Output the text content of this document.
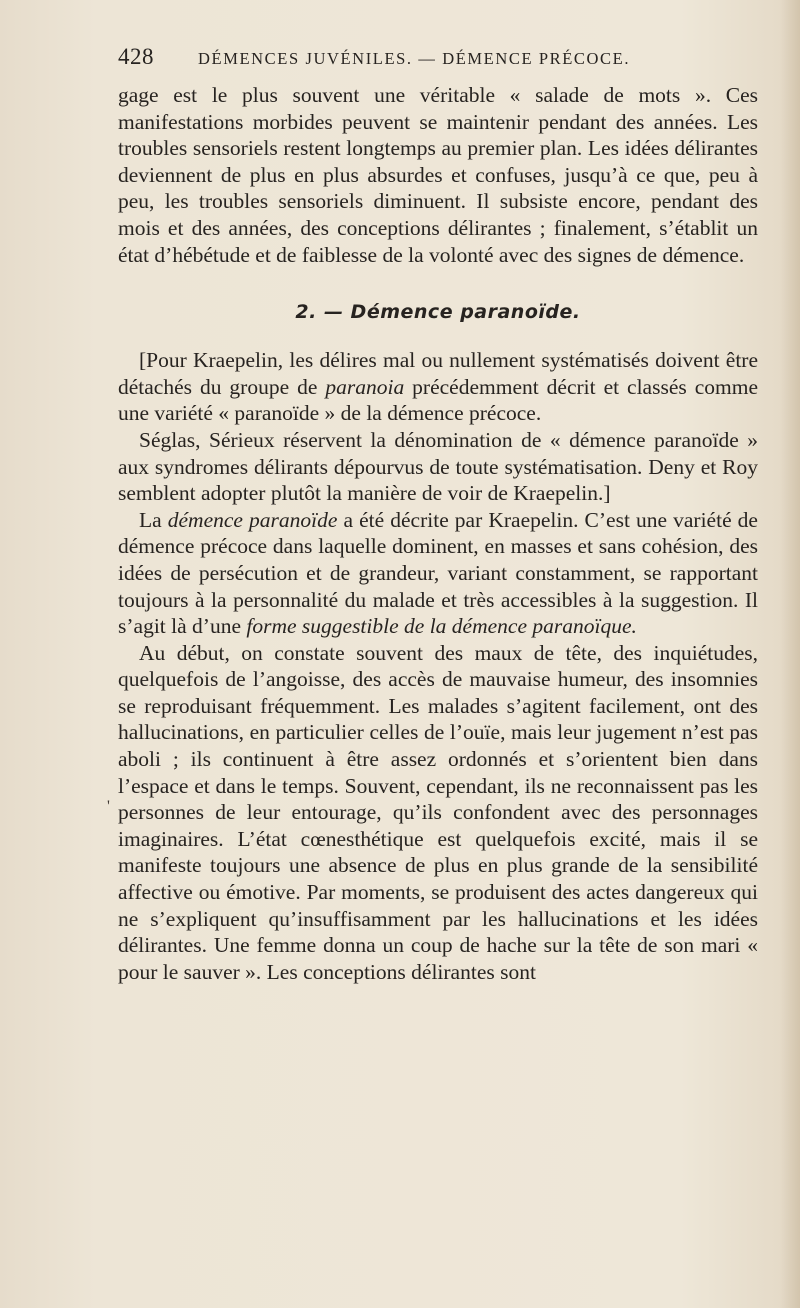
428	DÉMENCES JUVÉNILES. — DÉMENCE PRÉCOCE.
'

gage est le plus souvent une véritable « salade de mots ». Ces manifestations morbides peuvent se maintenir pendant des années. Les troubles sensoriels restent longtemps au premier plan. Les idées délirantes deviennent de plus en plus absurdes et confuses, jusqu’à ce que, peu à peu, les troubles sensoriels diminuent. Il subsiste encore, pendant des mois et des années, des conceptions délirantes ; finalement, s’établit un état d’hébétude et de faiblesse de la volonté avec des signes de démence.

2. — Démence paranoïde.

[Pour Kraepelin, les délires mal ou nullement systématisés doivent être détachés du groupe de paranoia précédemment décrit et classés comme une variété « paranoïde » de la démence précoce.

Séglas, Sérieux réservent la dénomination de « démence paranoïde » aux syndromes délirants dépourvus de toute systématisation. Deny et Roy semblent adopter plutôt la manière de voir de Kraepelin.]

La démence paranoïde a été décrite par Kraepelin. C’est une variété de démence précoce dans laquelle dominent, en masses et sans cohésion, des idées de persécution et de grandeur, variant constamment, se rapportant toujours à la personnalité du malade et très accessibles à la suggestion. Il s’agit là d’une forme suggestible de la démence paranoïque.

Au début, on constate souvent des maux de tête, des inquiétudes, quelquefois de l’angoisse, des accès de mauvaise humeur, des insomnies se reproduisant fréquemment. Les malades s’agitent facilement, ont des hallucinations, en particulier celles de l’ouïe, mais leur jugement n’est pas aboli ; ils continuent à être assez ordonnés et s’orientent bien dans l’espace et dans le temps. Souvent, cependant, ils ne reconnaissent pas les personnes de leur entourage, qu’ils confondent avec des personnages imaginaires. L’état cœnesthétique est quelquefois excité, mais il se manifeste toujours une absence de plus en plus grande de la sensibilité affective ou émotive. Par moments, se produisent des actes dangereux qui ne s’expliquent qu’insuffisamment par les hallucinations et les idées délirantes. Une femme donna un coup de hache sur la tête de son mari « pour le sauver ». Les conceptions délirantes sont
